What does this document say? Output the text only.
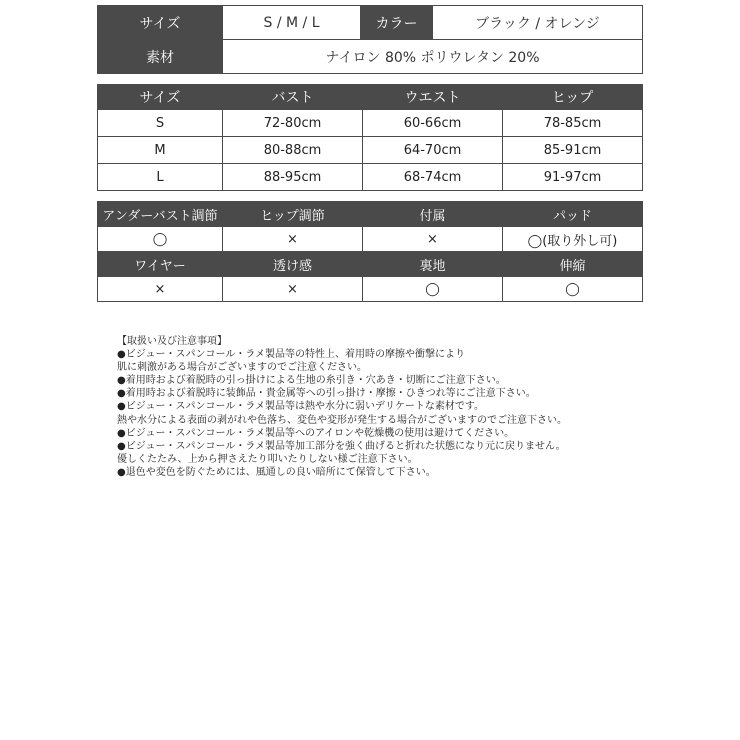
サイズ	S / M / L	カラー	ブラック / オレンジ
素材	ナイロン 80% ポリウレタン 20%		
サイズ	バスト	ウエスト	ヒップ
S	72-80cm	60-66cm	78-85cm
M	80-88cm	64-70cm	85-91cm
L	88-95cm	68-74cm	91-97cm
アンダーバスト調節	ヒップ調節	付属	パッド
◯	×	×	◯(取り外し可)
ワイヤー	透け感	裏地	伸縮
×	×	◯	◯
【取扱い及び注意事項】
●ビジュー・スパンコール・ラメ製品等の特性上、着用時の摩擦や衝撃により
肌に刺激がある場合がございますのでご注意ください。
●着用時および着脱時の引っ掛けによる生地の糸引き・穴あき・切断にご注意下さい。
●着用時および着脱時に装飾品・貴金属等への引っ掛け・摩擦・ひきつれ等にご注意下さい。
●ビジュー・スパンコール・ラメ製品等は熱や水分に弱いデリケートな素材です。
熱や水分による表面の剥がれや色落ち、変色や変形が発生する場合がございますのでご注意下さい。
●ビジュー・スパンコール・ラメ製品等へのアイロンや乾燥機の使用は避けてください。
●ビジュー・スパンコール・ラメ製品等加工部分を強く曲げると折れた状態になり元に戻りません。
優しくたたみ、上から押さえたり叩いたりしない様ご注意下さい。
●退色や変色を防ぐためには、風通しの良い暗所にて保管して下さい。
